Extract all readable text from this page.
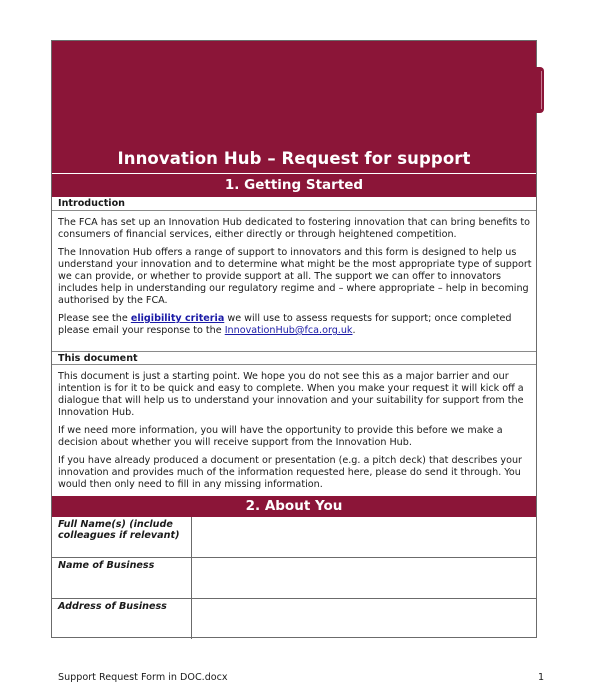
Innovation Hub – Request for support
1. Getting Started
Introduction

The FCA has set up an Innovation Hub dedicated to fostering innovation that can bring benefits to consumers of financial services, either directly or through heightened competition.

The Innovation Hub offers a range of support to innovators and this form is designed to help us understand your innovation and to determine what might be the most appropriate type of support we can provide, or whether to provide support at all. The support we can offer to innovators includes help in understanding our regulatory regime and – where appropriate – help in becoming authorised by the FCA.

Please see the eligibility criteria we will use to assess requests for support; once completed please email your response to the InnovationHub@fca.org.uk.

This document

This document is just a starting point. We hope you do not see this as a major barrier and our intention is for it to be quick and easy to complete. When you make your request it will kick off a dialogue that will help us to understand your innovation and your suitability for support from the Innovation Hub.

If we need more information, you will have the opportunity to provide this before we make a decision about whether you will receive support from the Innovation Hub.

If you have already produced a document or presentation (e.g. a pitch deck) that describes your innovation and provides much of the information requested here, please do send it through. You would then only need to fill in any missing information.

2. About You
Full Name(s) (include colleagues if relevant)	
Name of Business	
Address of Business	
Support Request Form in DOC.docx	1
